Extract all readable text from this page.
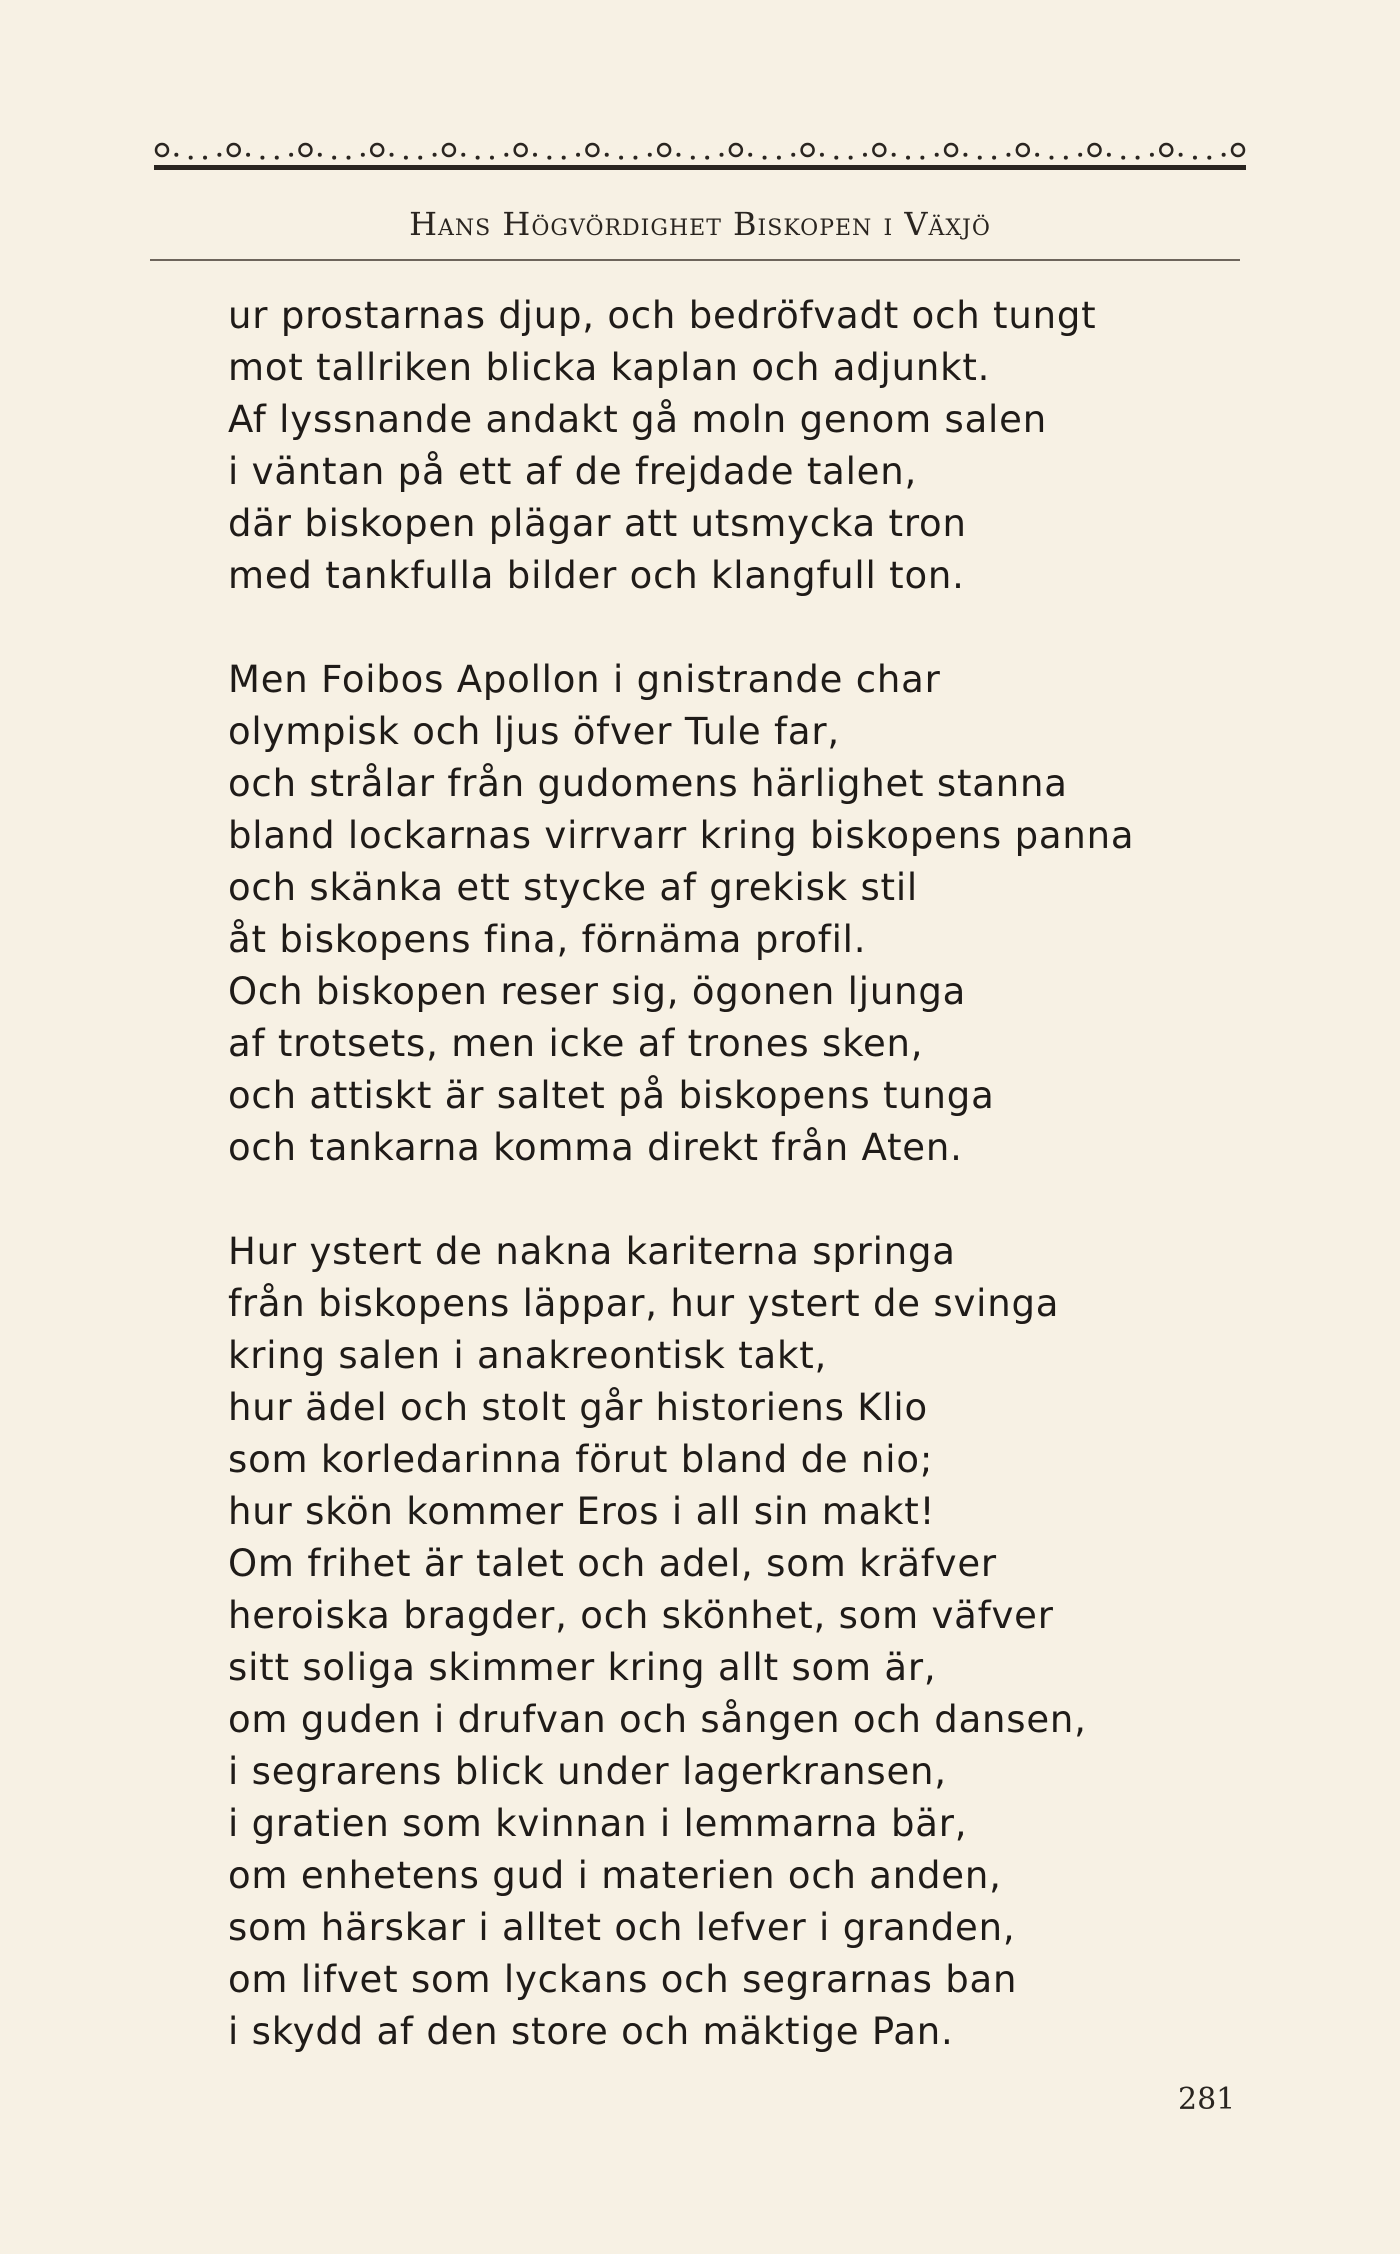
Hans Högvördighet Biskopen i Växjö
ur prostarnas djup, och bedröfvadt och tungt
mot tallriken blicka kaplan och adjunkt.
Af lyssnande andakt gå moln genom salen
i väntan på ett af de frejdade talen,
där biskopen plägar att utsmycka tron
med tankfulla bilder och klangfull ton.
Men Foibos Apollon i gnistrande char
olympisk och ljus öfver Tule far,
och strålar från gudomens härlighet stanna
bland lockarnas virrvarr kring biskopens panna
och skänka ett stycke af grekisk stil
åt biskopens fina, förnäma profil.
Och biskopen reser sig, ögonen ljunga
af trotsets, men icke af trones sken,
och attiskt är saltet på biskopens tunga
och tankarna komma direkt från Aten.
Hur ystert de nakna kariterna springa
från biskopens läppar, hur ystert de svinga
kring salen i anakreontisk takt,
hur ädel och stolt går historiens Klio
som korledarinna förut bland de nio;
hur skön kommer Eros i all sin makt!
Om frihet är talet och adel, som kräfver
heroiska bragder, och skönhet, som väfver
sitt soliga skimmer kring allt som är,
om guden i drufvan och sången och dansen,
i segrarens blick under lagerkransen,
i gratien som kvinnan i lemmarna bär,
om enhetens gud i materien och anden,
som härskar i alltet och lefver i granden,
om lifvet som lyckans och segrarnas ban
i skydd af den store och mäktige Pan.
281
